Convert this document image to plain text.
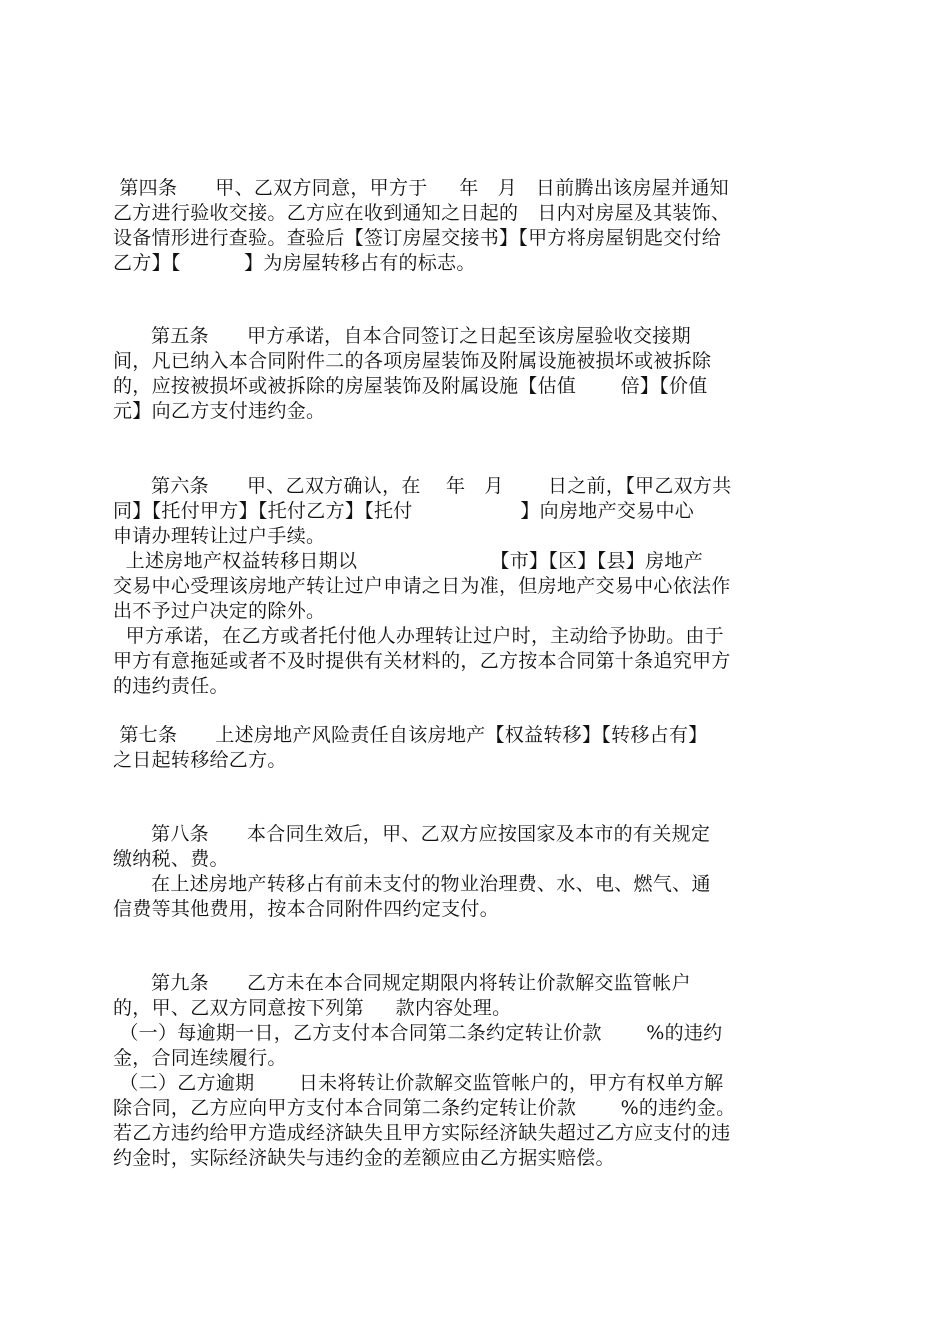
第四条      甲、乙双方同意，甲方于     年   月   日前腾出该房屋并通知
乙方进行验收交接。乙方应在收到通知之日起的   日内对房屋及其装饰、
设备情形进行查验。查验后【签订房屋交接书】【甲方将房屋钥匙交付给
乙方】【          】为房屋转移占有的标志。
第五条      甲方承诺，自本合同签订之日起至该房屋验收交接期
间，凡已纳入本合同附件二的各项房屋装饰及附属设施被损坏或被拆除
的，应按被损坏或被拆除的房屋装饰及附属设施【估值       倍】【价值
元】向乙方支付违约金。
第六条      甲、乙双方确认，在    年   月       日之前，【甲乙双方共
同】【托付甲方】【托付乙方】【托付                 】向房地产交易中心
申请办理转让过户手续。
上述房地产权益转移日期以                     【市】【区】【县】房地产
交易中心受理该房地产转让过户申请之日为准，但房地产交易中心依法作
出不予过户决定的除外。
甲方承诺，在乙方或者托付他人办理转让过户时，主动给予协助。由于
甲方有意拖延或者不及时提供有关材料的，乙方按本合同第十条追究甲方
的违约责任。
第七条      上述房地产风险责任自该房地产【权益转移】【转移占有】
之日起转移给乙方。
第八条      本合同生效后，甲、乙双方应按国家及本市的有关规定
缴纳税、费。
在上述房地产转移占有前未支付的物业治理费、水、电、燃气、通
信费等其他费用，按本合同附件四约定支付。
第九条      乙方未在本合同规定期限内将转让价款解交监管帐户
的，甲、乙双方同意按下列第     款内容处理。
（一）每逾期一日，乙方支付本合同第二条约定转让价款       %的违约
金，合同连续履行。
（二）乙方逾期       日未将转让价款解交监管帐户的，甲方有权单方解
除合同，乙方应向甲方支付本合同第二条约定转让价款       %的违约金。
若乙方违约给甲方造成经济缺失且甲方实际经济缺失超过乙方应支付的违
约金时，实际经济缺失与违约金的差额应由乙方据实赔偿。
